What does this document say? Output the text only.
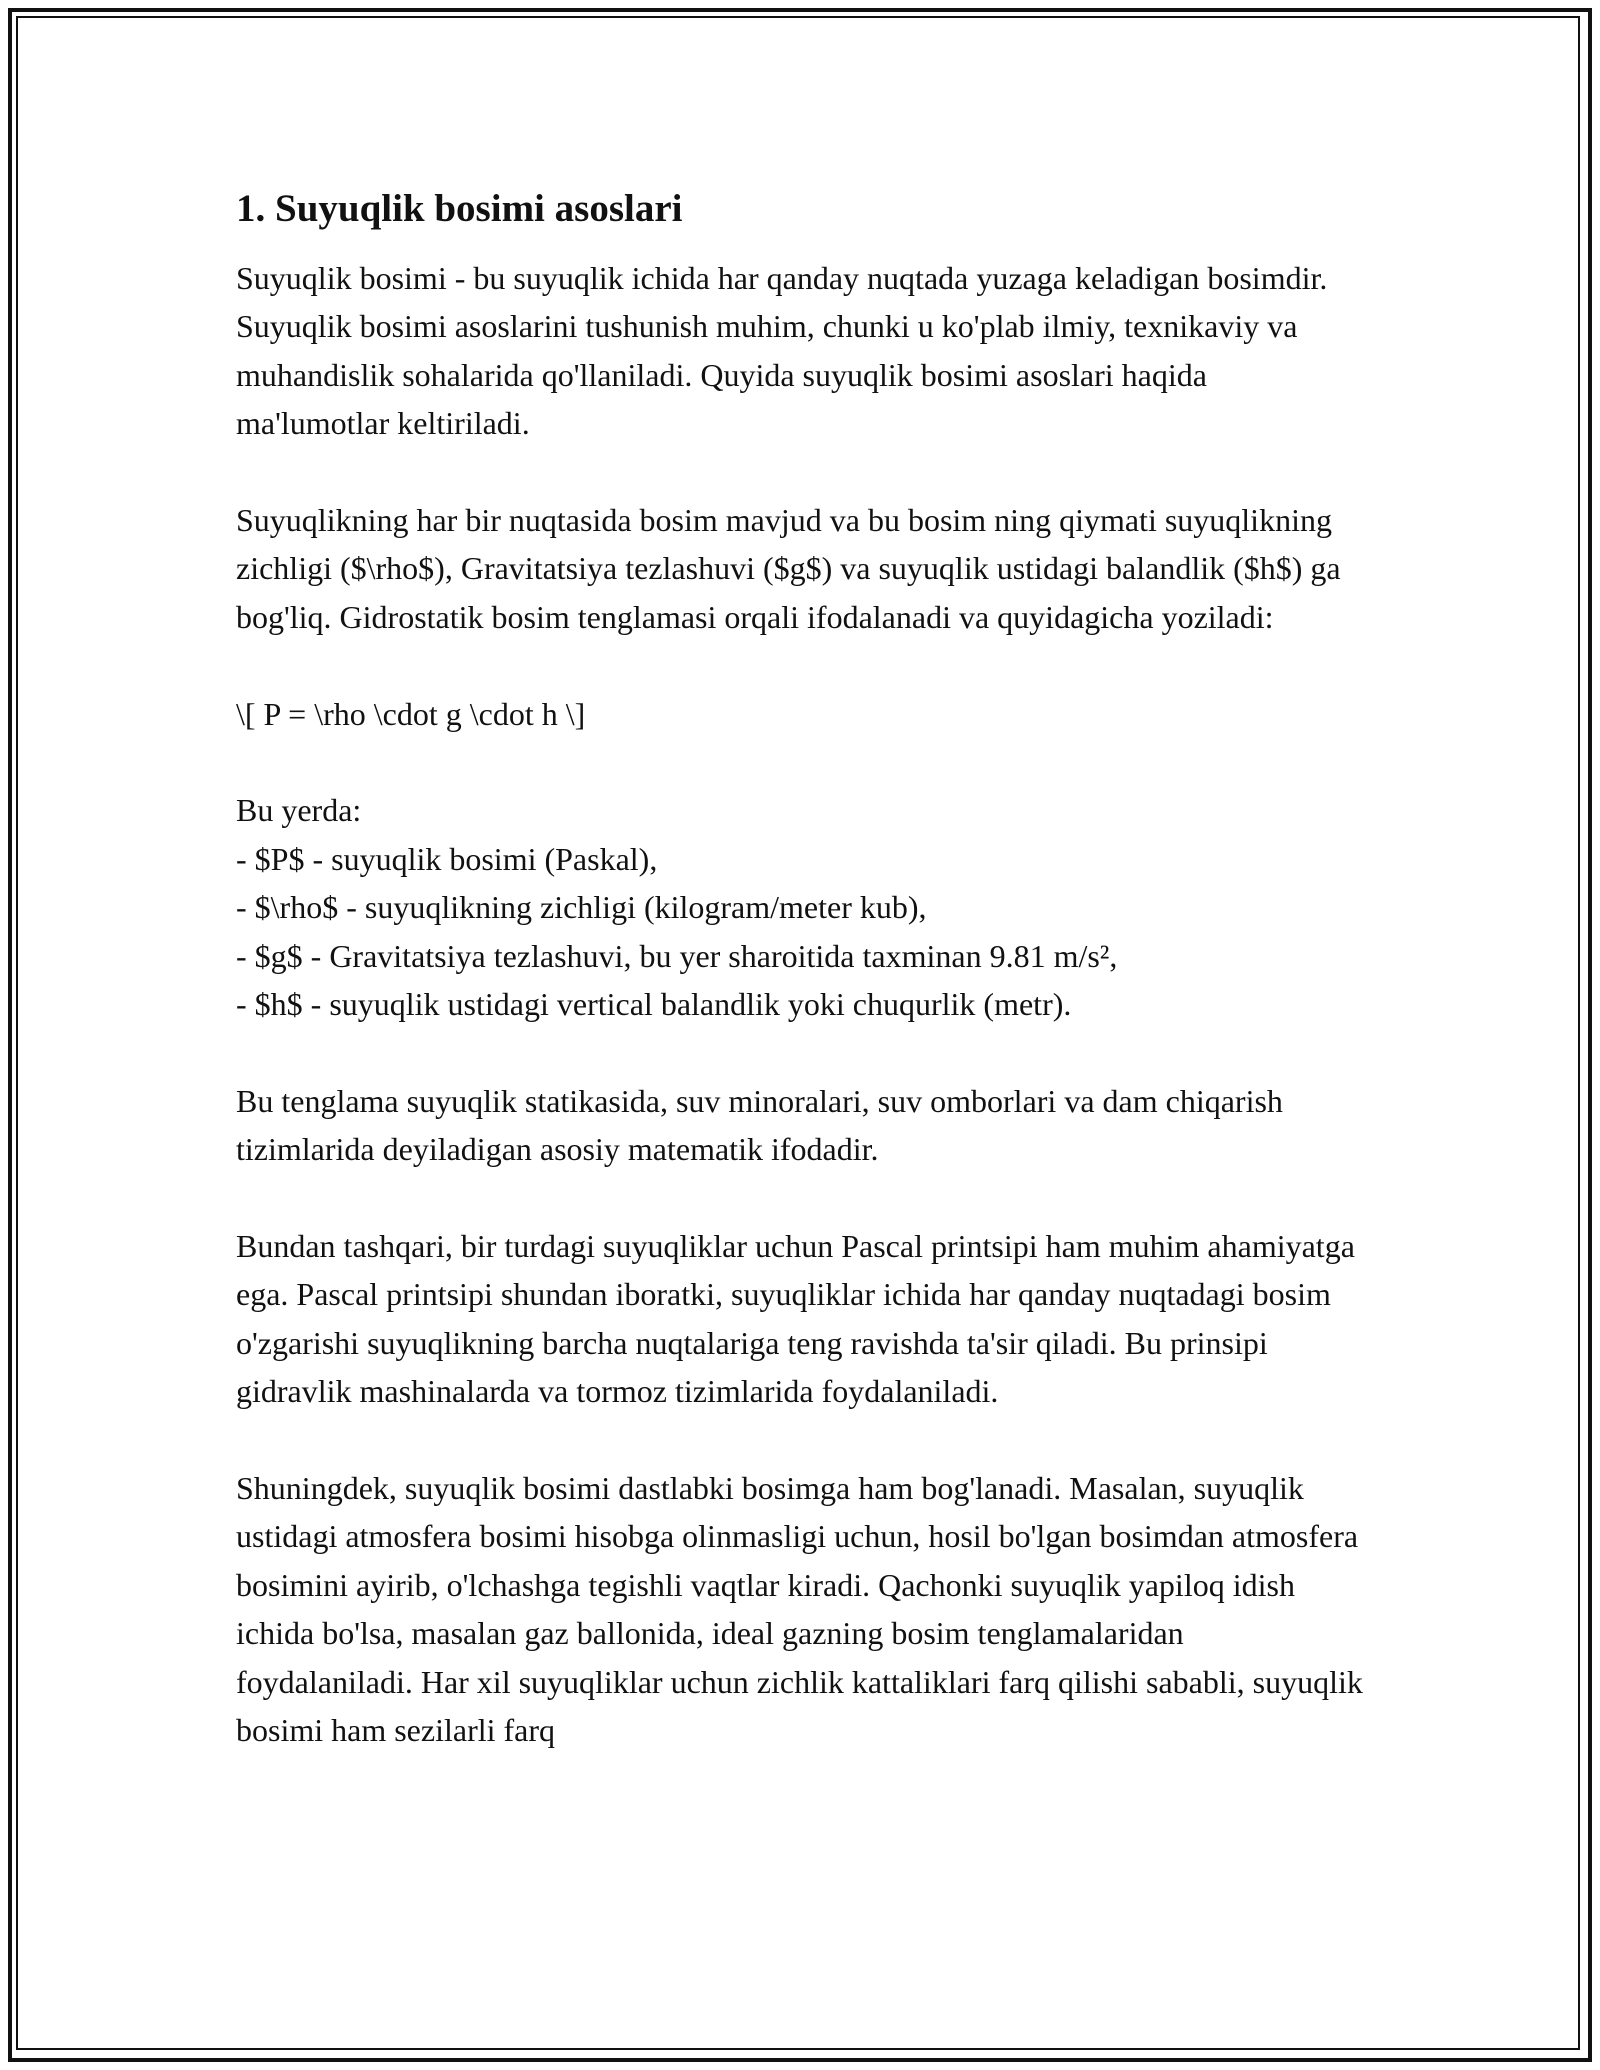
1. Suyuqlik bosimi asoslari

Suyuqlik bosimi - bu suyuqlik ichida har qanday nuqtada yuzaga keladigan bosimdir. Suyuqlik bosimi asoslarini tushunish muhim, chunki u ko'plab ilmiy, texnikaviy va muhandislik sohalarida qo'llaniladi. Quyida suyuqlik bosimi asoslari haqida ma'lumotlar keltiriladi.

Suyuqlikning har bir nuqtasida bosim mavjud va bu bosim ning qiymati suyuqlikning zichligi ($\rho$), Gravitatsiya tezlashuvi ($g$) va suyuqlik ustidagi balandlik ($h$) ga bog'liq. Gidrostatik bosim tenglamasi orqali ifodalanadi va quyidagicha yoziladi:

\[ P = \rho \cdot g \cdot h \]

Bu yerda:
- $P$ - suyuqlik bosimi (Paskal),
- $\rho$ - suyuqlikning zichligi (kilogram/meter kub),
- $g$ - Gravitatsiya tezlashuvi, bu yer sharoitida taxminan 9.81 m/s²,
- $h$ - suyuqlik ustidagi vertical balandlik yoki chuqurlik (metr).

Bu tenglama suyuqlik statikasida, suv minoralari, suv omborlari va dam chiqarish tizimlarida deyiladigan asosiy matematik ifodadir.

Bundan tashqari, bir turdagi suyuqliklar uchun Pascal printsipi ham muhim ahamiyatga ega. Pascal printsipi shundan iboratki, suyuqliklar ichida har qanday nuqtadagi bosim o'zgarishi suyuqlikning barcha nuqtalariga teng ravishda ta'sir qiladi. Bu prinsipi gidravlik mashinalarda va tormoz tizimlarida foydalaniladi.

Shuningdek, suyuqlik bosimi dastlabki bosimga ham bog'lanadi. Masalan, suyuqlik ustidagi atmosfera bosimi hisobga olinmasligi uchun, hosil bo'lgan bosimdan atmosfera bosimini ayirib, o'lchashga tegishli vaqtlar kiradi. Qachonki suyuqlik yapiloq idish ichida bo'lsa, masalan gaz ballonida, ideal gazning bosim tenglamalaridan foydalaniladi. Har xil suyuqliklar uchun zichlik kattaliklari farq qilishi sababli, suyuqlik bosimi ham sezilarli farq
